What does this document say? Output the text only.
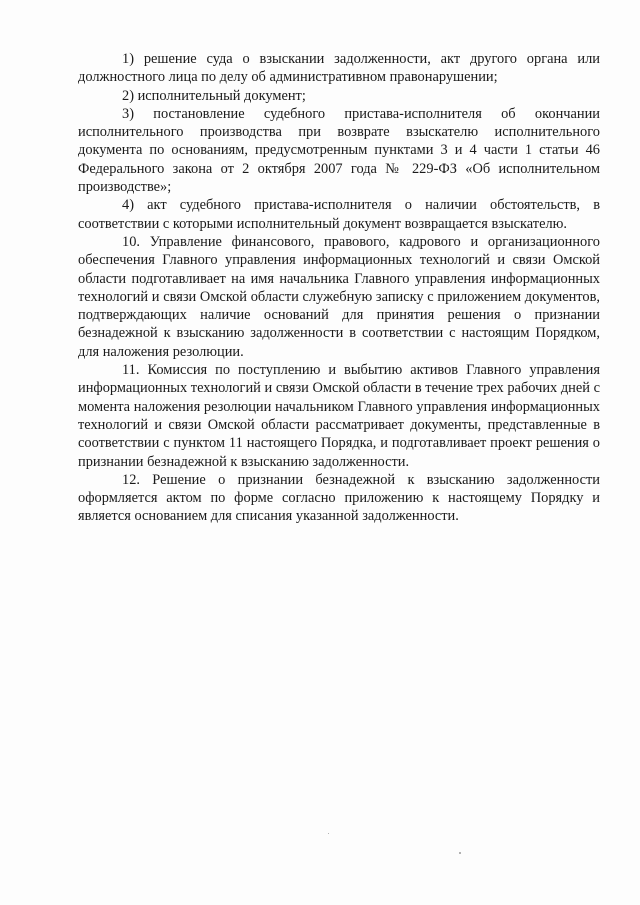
1) решение суда о взыскании задолженности, акт другого органа или должностного лица по делу об административном правонарушении;

2) исполнительный документ;

3) постановление судебного пристава-исполнителя об окончании исполнительного производства при возврате взыскателю исполнительного документа по основаниям, предусмотренным пунктами 3 и 4 части 1 статьи 46 Федерального закона от 2 октября 2007 года № 229-ФЗ «Об исполнительном производстве»;

4) акт судебного пристава-исполнителя о наличии обстоятельств, в соответствии с которыми исполнительный документ возвращается взыскателю.

10. Управление финансового, правового, кадрового и организационного обеспечения Главного управления информационных технологий и связи Омской области подготавливает на имя начальника Главного управления информационных технологий и связи Омской области служебную записку с приложением документов, подтверждающих наличие оснований для принятия решения о признании безнадежной к взысканию задолженности в соответствии с настоящим Порядком, для наложения резолюции.

11. Комиссия по поступлению и выбытию активов Главного управления информационных технологий и связи Омской области в течение трех рабочих дней с момента наложения резолюции начальником Главного управления информационных технологий и связи Омской области рассматривает документы, представленные в соответствии с пунктом 11 настоящего Порядка, и подготавливает проект решения о признании безнадежной к взысканию задолженности.

12. Решение о признании безнадежной к взысканию задолженности оформляется актом по форме согласно приложению к настоящему Порядку и является основанием для списания указанной задолженности.
